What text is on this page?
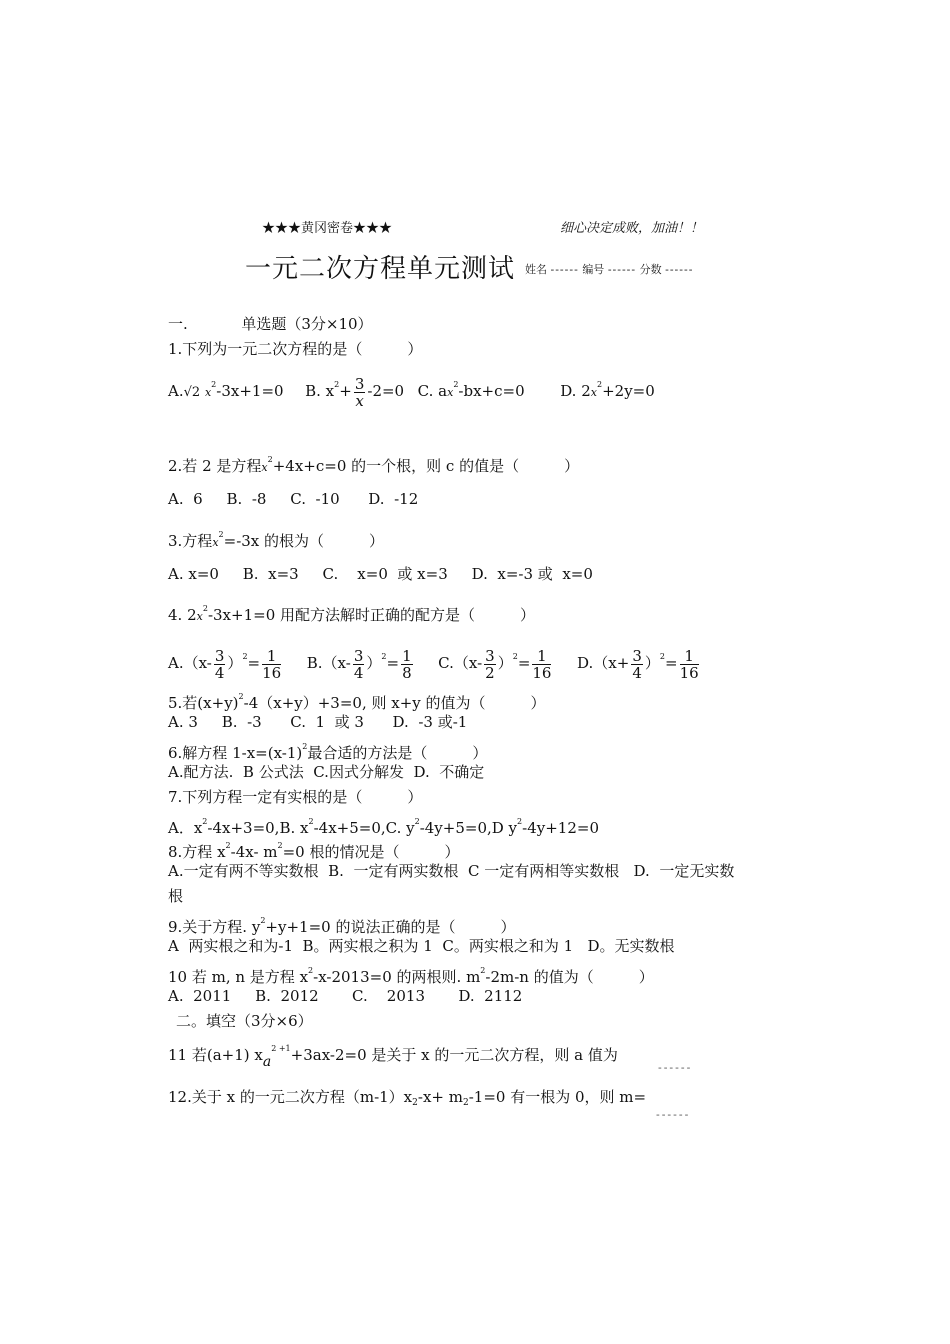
★★★黄冈密卷★★★	细心决定成败，加油！！
一元二次方程单元测试 姓名 ------ 编号 ------ 分数 ------
一.	单选题（3分×10）
1.下列为一元二次方程的是（　　　）
A.√2 $x^2-3x+1=0$ B. $x^2+ \frac{3}{x} -2=0$ C. $ax^2-bx+c=0$ D. $2x^2+2y=0$
2.若 2 是方程$x^2+4x+c=0$ 的一个根，则 c 的值是（　　　）
A.  6     B.  -8     C.  -10      D.  -12
3.方程$x^2=-3x$ 的根为（　　　）
A. x=0     B.  x=3     C.    x=0  或 x=3     D.  x=-3 或  x=0
4. $2x^2-3x+1=0$ 用配方法解时正确的配方是（　　　）
$A.(x- \frac{3}{4} )^2= \frac{1}{16} B.(x- \frac{3}{4} )^2= \frac{1}{8} C.(x- \frac{3}{2} )^2= \frac{1}{16} D.(x+ \frac{3}{4} )^2= \frac{1}{16}$
5.若$(x+y)^2-4(x+y)+3=0$, 则 x+y 的值为（　　　）
A. 3     B.  -3      C.  1  或 3      D.  -3 或-1
6.解方程 $1-x=(x-1)^2$最合适的方法是（　　　）
A.配方法.  B 公式法  C.因式分解发  D.  不确定
7.下列方程一定有实根的是（　　　）
A．$x^2-4x+3=0,B$. $x^2-4x+5=0,C$. $y^2-4y+5=0,D$ $y^2-4y+12=0$
8.方程 $x^2-4x-$ $m^2=0$ 根的情况是（　　　）
A.一定有两不等实数根  B.  一定有两实数根  C 一定有两相等实数根   D.  一定无实数
根
9.关于方程. $y^2+y+1=0$ 的说法正确的是（　　　）
A  两实根之和为-1  B。两实根之积为 1  C。两实根之和为 1   D。无实数根
10 若 m, n 是方程 $x^2-x-2013=0$ 的两根则. $m^2-2m-n$ 的值为（　　　）
A.  2011     B.  2012       C.    2013       D.  2112
二。填空（3分×6）
11 若(a+1) $xa^{2 +1}+3ax-2=0$ 是关于 x 的一元二次方程，则 a 值为
------
12.关于 x 的一元二次方程$(m-1)x_2-x+ m_2-1=0$ 有一根为 0，则 m=
------
